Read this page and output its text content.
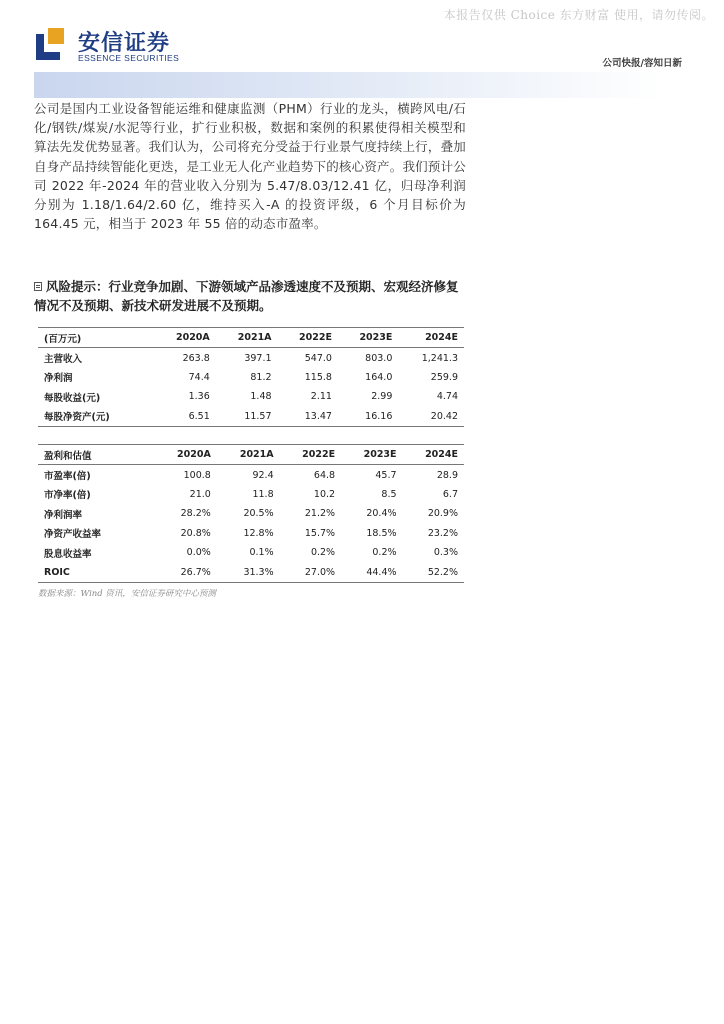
本报告仅供 Choice 东方财富 使用，请勿传阅。
安信证券
ESSENCE SECURITIES	公司快报/容知日新
公司是国内工业设备智能运维和健康监测（PHM）行业的龙头，横跨风电/石化/钢铁/煤炭/水泥等行业，扩行业积极，数据和案例的积累使得相关模型和算法先发优势显著。我们认为，公司将充分受益于行业景气度持续上行，叠加自身产品持续智能化更迭，是工业无人化产业趋势下的核心资产。我们预计公司 2022 年-2024 年的营业收入分别为 5.47/8.03/12.41 亿，归母净利润分别为 1.18/1.64/2.60 亿，维持买入-A 的投资评级，6 个月目标价为 164.45 元，相当于 2023 年 55 倍的动态市盈率。
风险提示：行业竞争加剧、下游领域产品渗透速度不及预期、宏观经济修复情况不及预期、新技术研发进展不及预期。
(百万元)	2020A	2021A	2022E	2023E	2024E
主营收入	263.8	397.1	547.0	803.0	1,241.3
净利润	74.4	81.2	115.8	164.0	259.9
每股收益(元)	1.36	1.48	2.11	2.99	4.74
每股净资产(元)	6.51	11.57	13.47	16.16	20.42
盈利和估值	2020A	2021A	2022E	2023E	2024E
市盈率(倍)	100.8	92.4	64.8	45.7	28.9
市净率(倍)	21.0	11.8	10.2	8.5	6.7
净利润率	28.2%	20.5%	21.2%	20.4%	20.9%
净资产收益率	20.8%	12.8%	15.7%	18.5%	23.2%
股息收益率	0.0%	0.1%	0.2%	0.2%	0.3%
ROIC	26.7%	31.3%	27.0%	44.4%	52.2%
数据来源：Wind 资讯，安信证券研究中心预测
